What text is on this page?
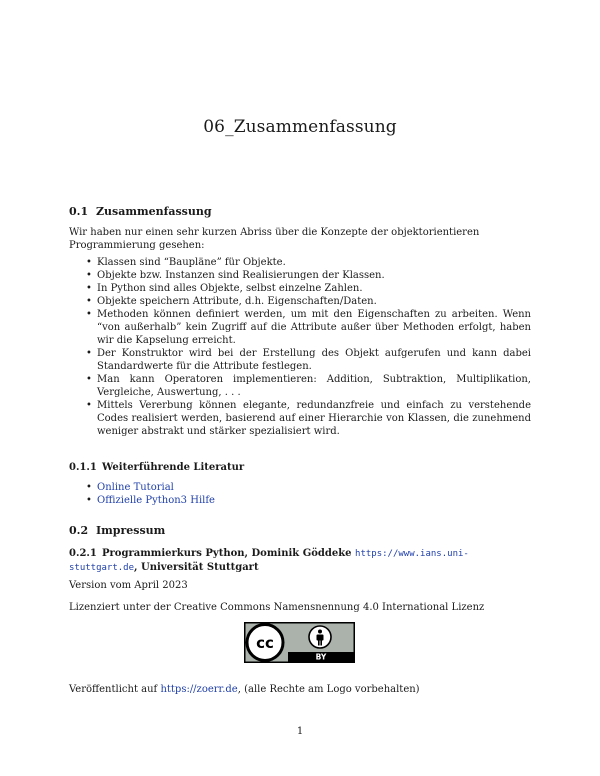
06_Zusammenfassung
0.1 Zusammenfassung
Wir haben nur einen sehr kurzen Abriss über die Konzepte der objektorientieren Programmierung gesehen:
• Klassen sind “Baupläne” für Objekte.
• Objekte bzw. Instanzen sind Realisierungen der Klassen.
• In Python sind alles Objekte, selbst einzelne Zahlen.
• Objekte speichern Attribute, d.h. Eigenschaften/Daten.
• Methoden können definiert werden, um mit den Eigenschaften zu arbeiten. Wenn “von außerhalb” kein Zugriff auf die Attribute außer über Methoden erfolgt, haben wir die Kapselung erreicht.
• Der Konstruktor wird bei der Erstellung des Objekt aufgerufen und kann dabei Standardwerte für die Attribute festlegen.
• Man kann Operatoren implementieren: Addition, Subtraktion, Multiplikation, Vergleiche, Auswertung, . . .
• Mittels Vererbung können elegante, redundanzfreie und einfach zu verstehende Codes realisiert werden, basierend auf einer Hierarchie von Klassen, die zunehmend weniger abstrakt und stärker spezialisiert wird.
0.1.1 Weiterführende Literatur
• Online Tutorial
• Offizielle Python3 Hilfe
0.2 Impressum
0.2.1 Programmierkurs Python, Dominik Göddeke https://www.ians.uni-stuttgart.de, Universität Stuttgart
Version vom April 2023
Lizenziert unter der Creative Commons Namensnennung 4.0 International Lizenz
cc
BY
Veröffentlicht auf https://zoerr.de, (alle Rechte am Logo vorbehalten)
1
